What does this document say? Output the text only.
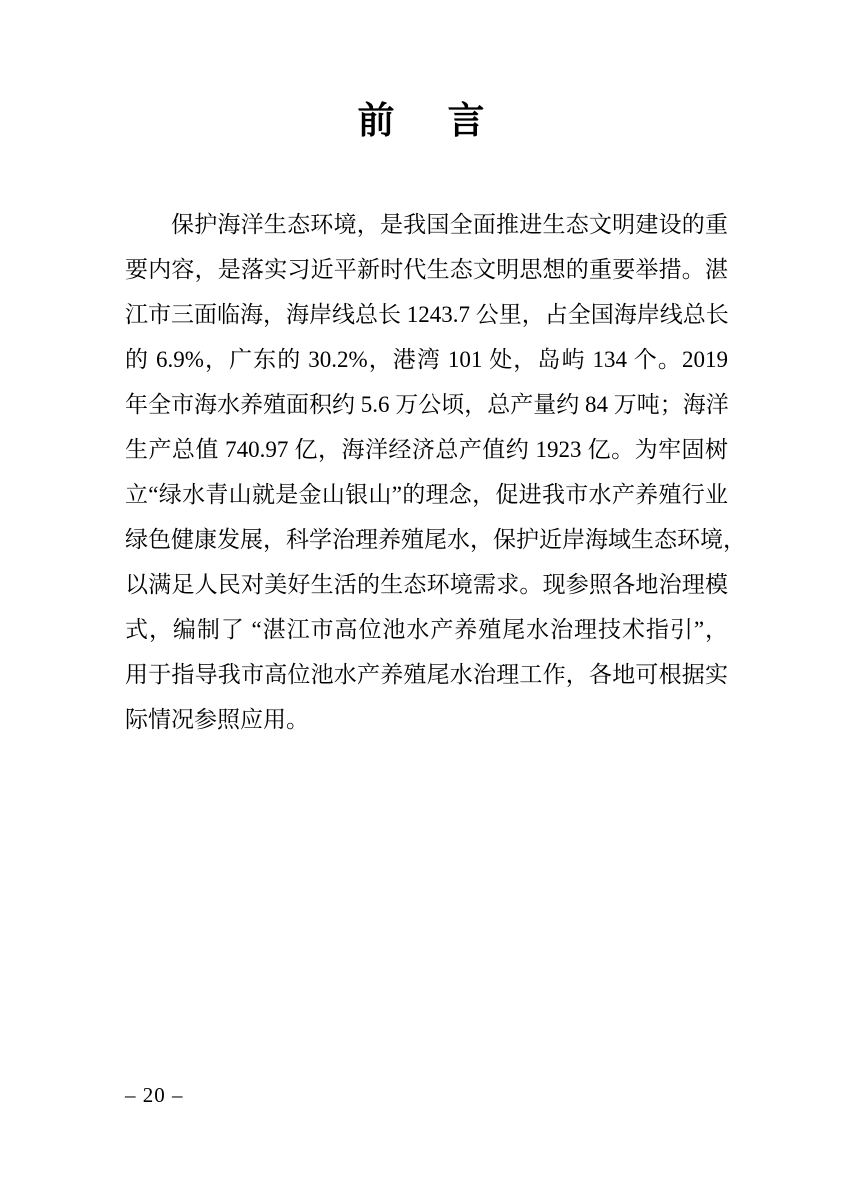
前　言
保护海洋生态环境，是我国全面推进生态文明建设的重
要内容，是落实习近平新时代生态文明思想的重要举措。湛
江市三面临海，海岸线总长 1243.7 公里，占全国海岸线总长
的 6.9%，广东的 30.2%，港湾 101 处，岛屿 134 个。2019
年全市海水养殖面积约 5.6 万公顷，总产量约 84 万吨；海洋
生产总值 740.97 亿，海洋经济总产值约 1923 亿。为牢固树
立“绿水青山就是金山银山”的理念，促进我市水产养殖行业
绿色健康发展，科学治理养殖尾水，保护近岸海域生态环境，
以满足人民对美好生活的生态环境需求。现参照各地治理模
式，编制了 “湛江市高位池水产养殖尾水治理技术指引”，
用于指导我市高位池水产养殖尾水治理工作，各地可根据实
际情况参照应用。
– 20 –
